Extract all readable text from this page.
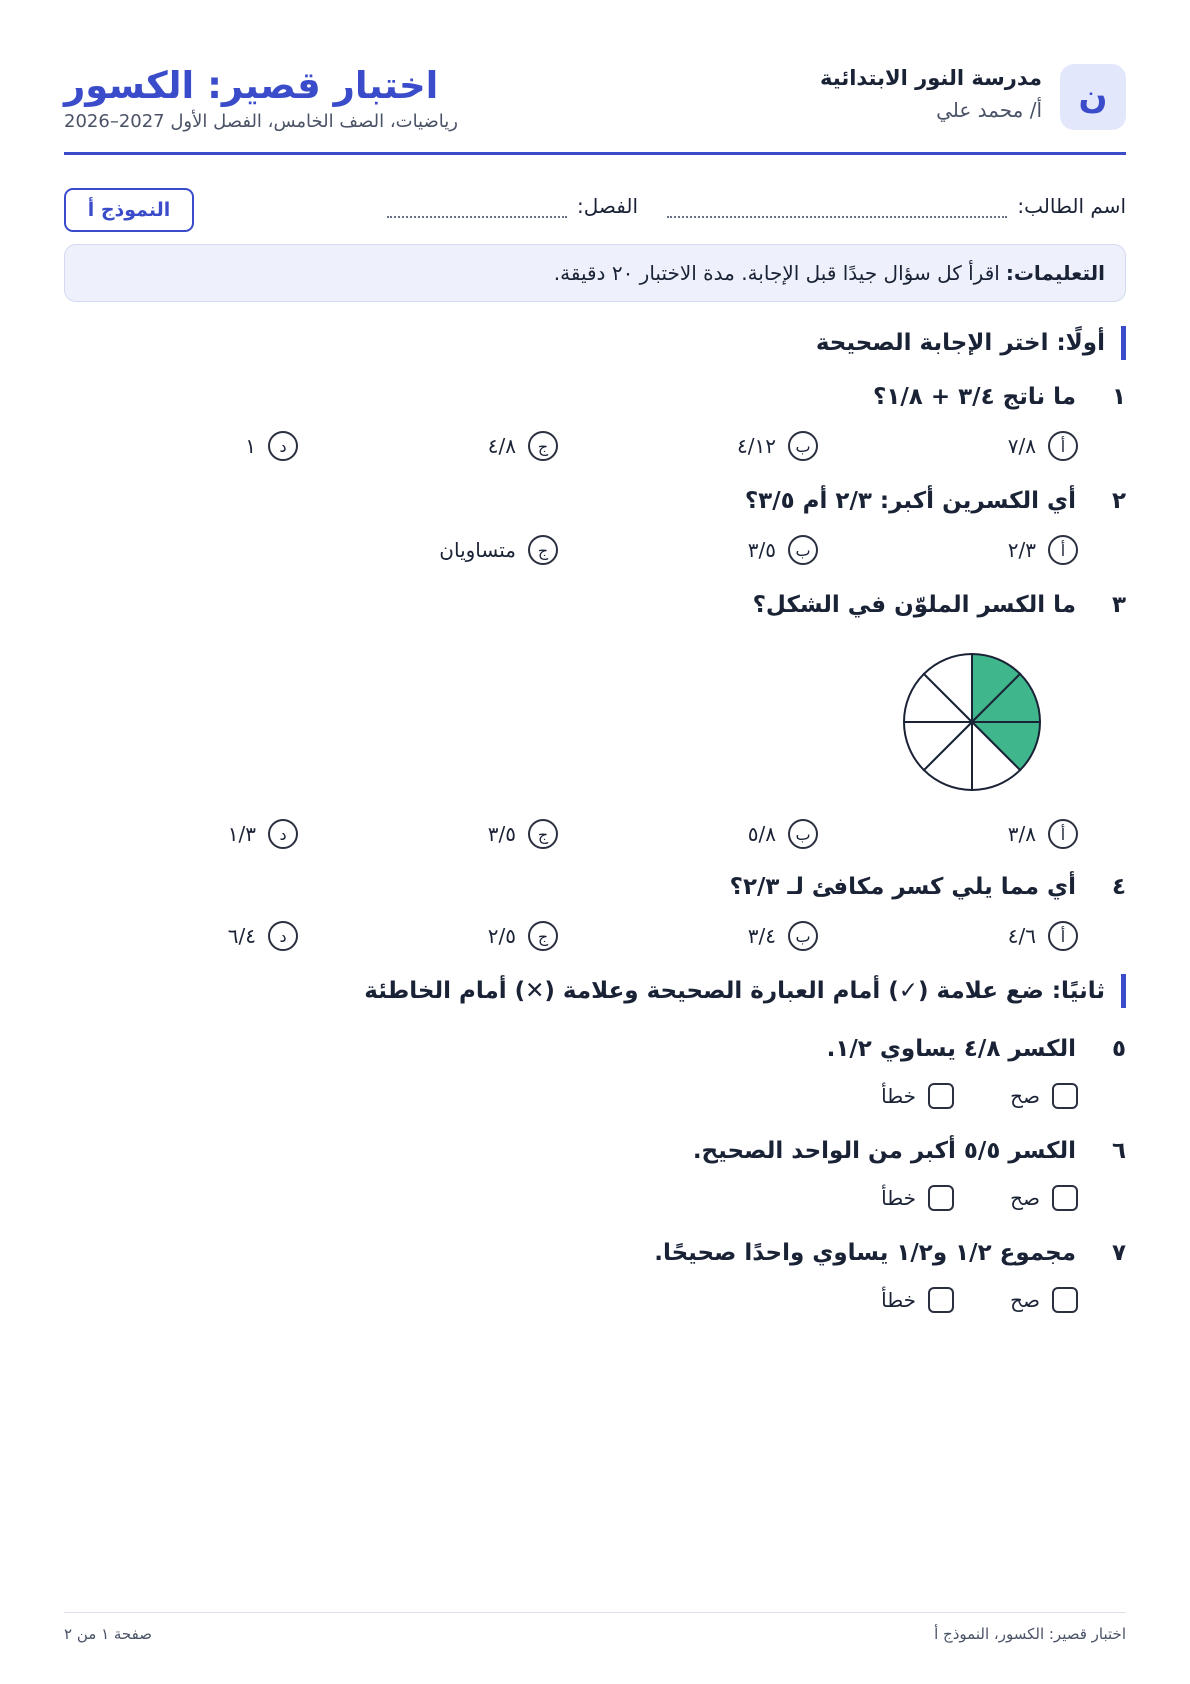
ن
مدرسة النور الابتدائية
أ/ محمد علي
اختبار قصير: الكسور
رياضيات، الصف الخامس، الفصل الأول 2027–2026
اسم الطالب:
الفصل:
النموذج أ
التعليمات:
اقرأ كل سؤال جيدًا قبل الإجابة. مدة الاختبار ٢٠ دقيقة.
أولًا: اختر الإجابة الصحيحة
١
ما ناتج ٣/٤ + ١/٨؟
أ
٧/٨
ب
٤/١٢
ج
٤/٨
د
١
٢
أي الكسرين أكبر: ٢/٣ أم ٣/٥؟
أ
٢/٣
ب
٣/٥
ج
متساويان
٣
ما الكسر الملوّن في الشكل؟
أ
٣/٨
ب
٥/٨
ج
٣/٥
د
١/٣
٤
أي مما يلي كسر مكافئ لـ ٢/٣؟
أ
٤/٦
ب
٣/٤
ج
٢/٥
د
٦/٤
ثانيًا: ضع علامة (✓) أمام العبارة الصحيحة وعلامة (✕) أمام الخاطئة
٥
الكسر ٤/٨ يساوي ١/٢.
صح
خطأ
٦
الكسر ٥/٥ أكبر من الواحد الصحيح.
صح
خطأ
٧
مجموع ١/٢ و١/٢ يساوي واحدًا صحيحًا.
صح
خطأ
اختبار قصير: الكسور، النموذج أ
صفحة ١ من ٢
